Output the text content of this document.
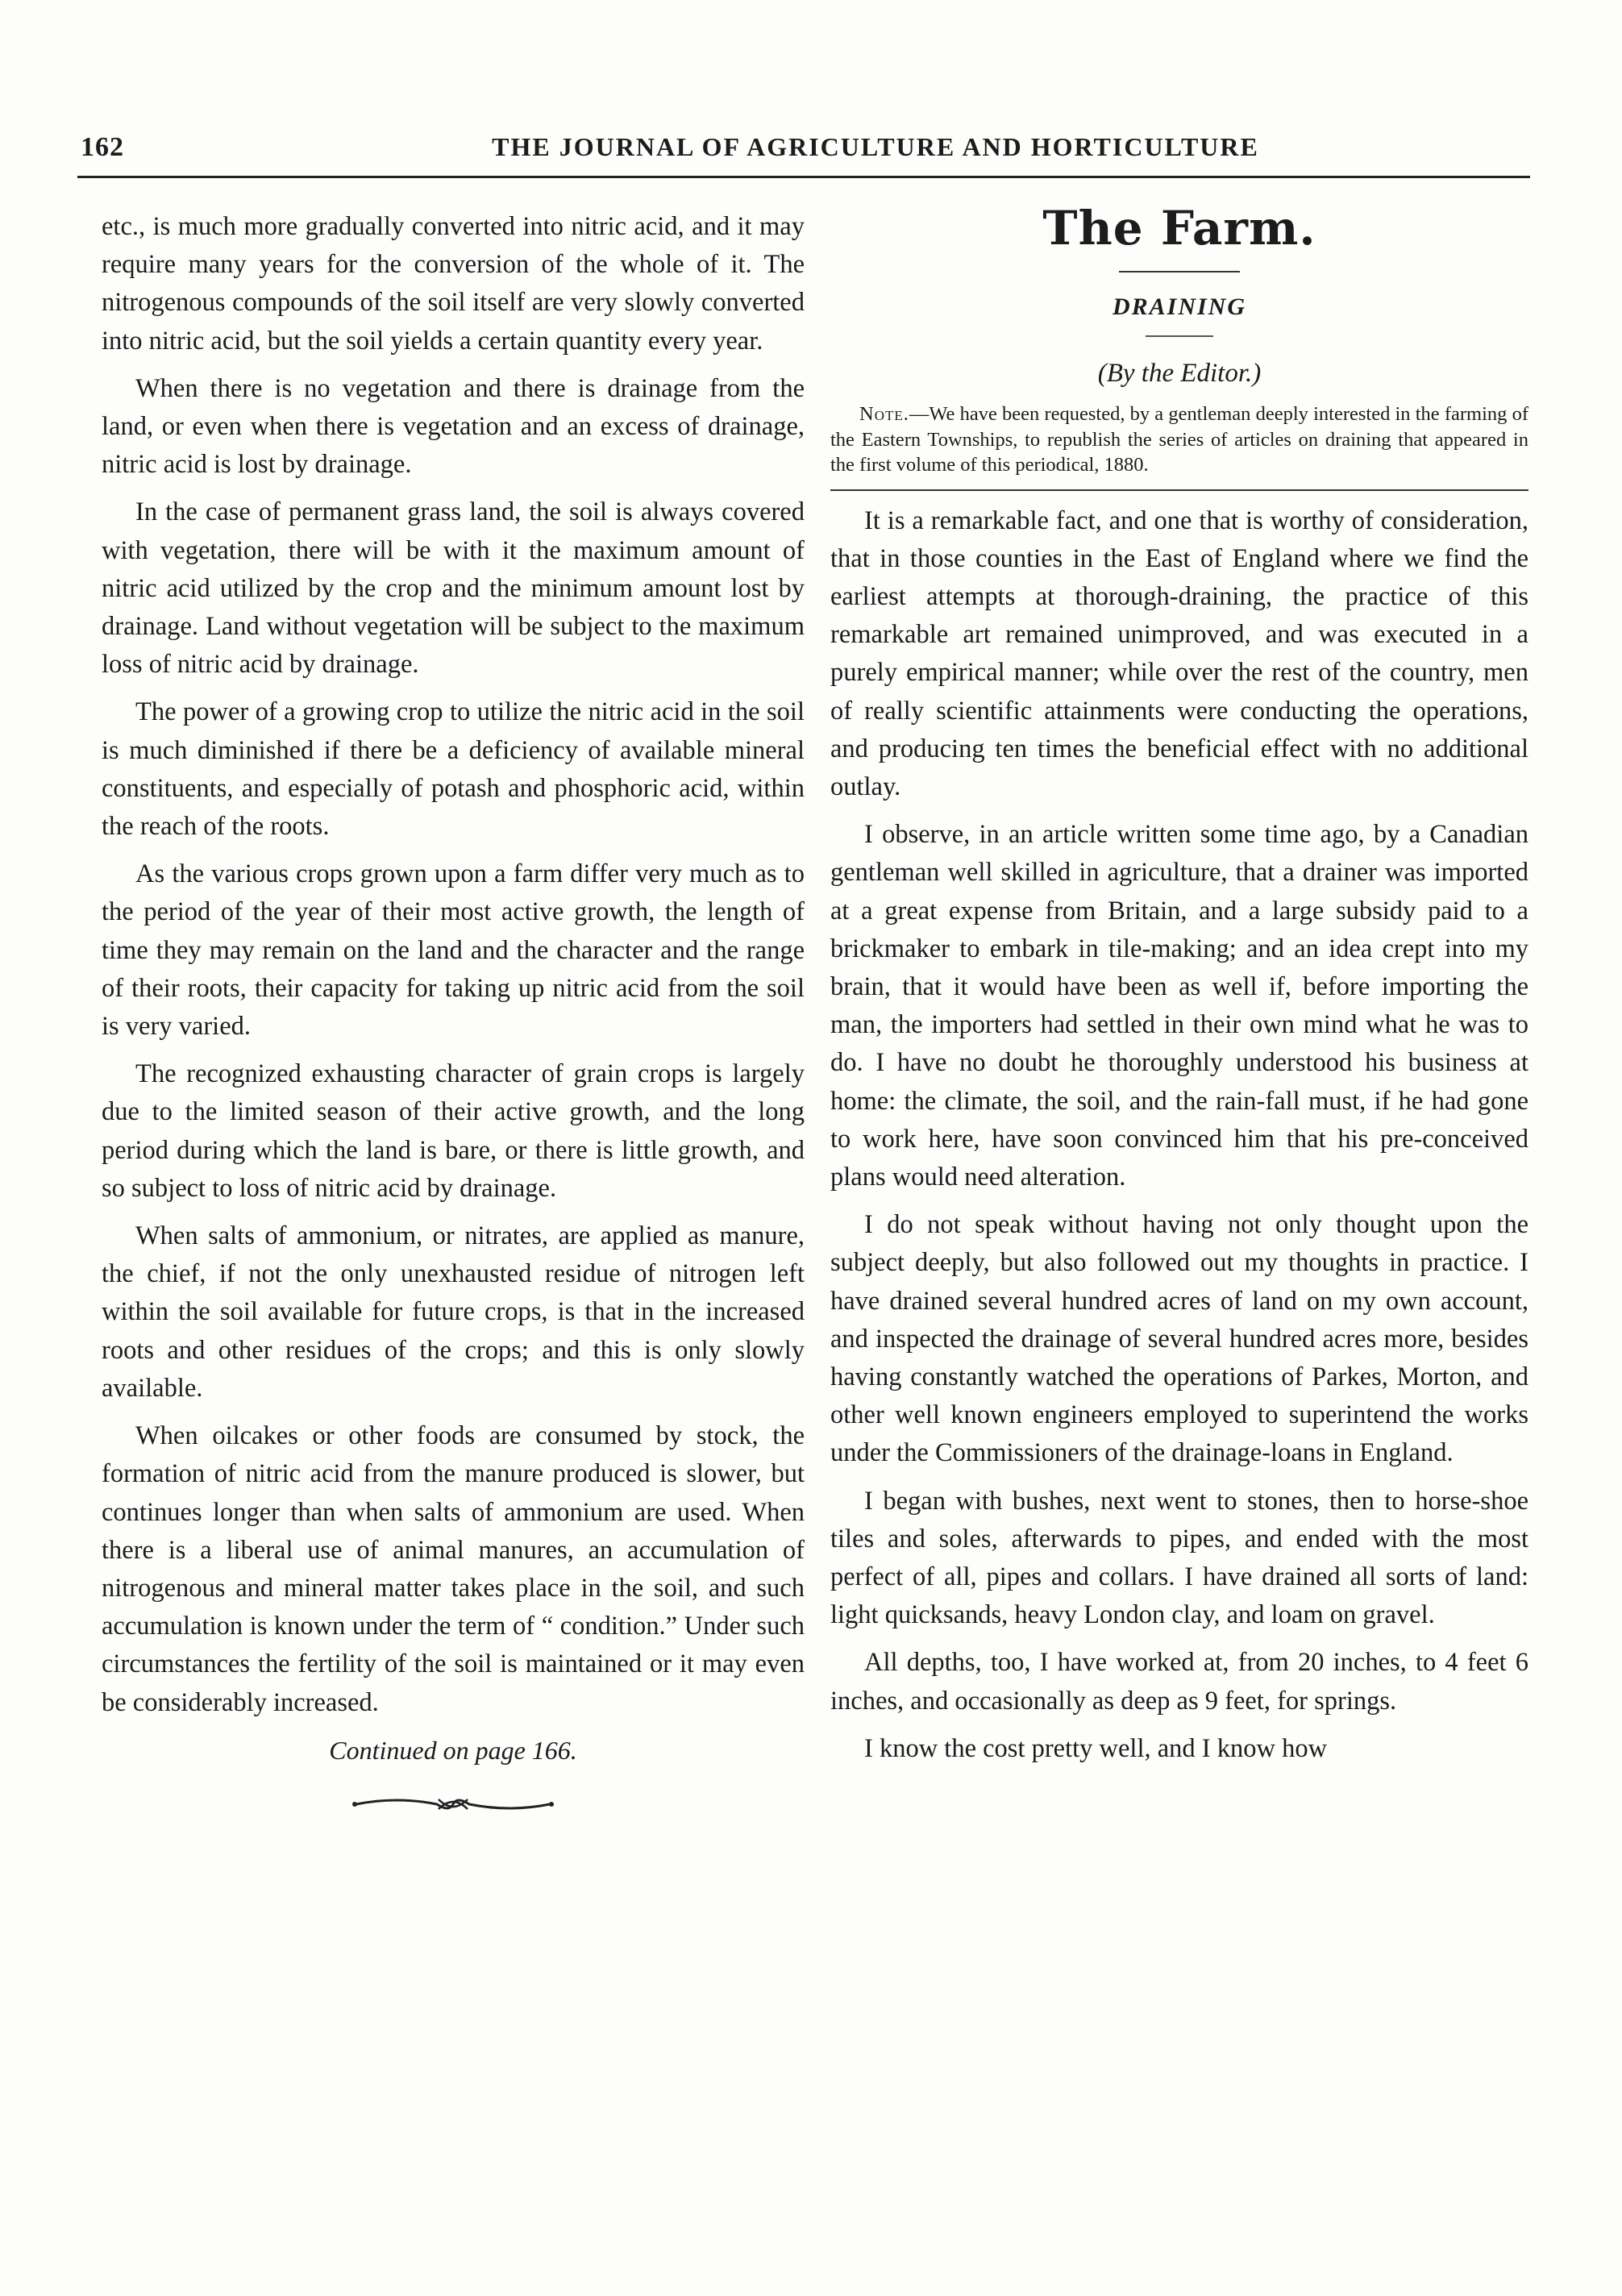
162	THE JOURNAL OF AGRICULTURE AND HORTICULTURE

etc., is much more gradually converted into nitric acid, and it may require many years for the conversion of the whole of it. The nitrogenous compounds of the soil itself are very slowly converted into nitric acid, but the soil yields a certain quantity every year.

When there is no vegetation and there is drainage from the land, or even when there is vegetation and an excess of drainage, nitric acid is lost by drainage.

In the case of permanent grass land, the soil is always covered with vegetation, there will be with it the maximum amount of nitric acid utilized by the crop and the minimum amount lost by drainage. Land without vegetation will be subject to the maximum loss of nitric acid by drainage.

The power of a growing crop to utilize the nitric acid in the soil is much diminished if there be a deficiency of available mineral constituents, and especially of potash and phosphoric acid, within the reach of the roots.

As the various crops grown upon a farm differ very much as to the period of the year of their most active growth, the length of time they may remain on the land and the character and the range of their roots, their capacity for taking up nitric acid from the soil is very varied.

The recognized exhausting character of grain crops is largely due to the limited season of their active growth, and the long period during which the land is bare, or there is little growth, and so subject to loss of nitric acid by drainage.

When salts of ammonium, or nitrates, are applied as manure, the chief, if not the only unexhausted residue of nitrogen left within the soil available for future crops, is that in the increased roots and other residues of the crops; and this is only slowly available.

When oilcakes or other foods are consumed by stock, the formation of nitric acid from the manure produced is slower, but continues longer than when salts of ammonium are used. When there is a liberal use of animal manures, an accumulation of nitrogenous and mineral matter takes place in the soil, and such accumulation is known under the term of “ condition.” Under such circumstances the fertility of the soil is maintained or it may even be considerably increased.

Continued on page 166.
The Farm.
DRAINING
(By the Editor.)

Note.—We have been requested, by a gentleman deeply interested in the farming of the Eastern Townships, to republish the series of articles on draining that appeared in the first volume of this periodical, 1880.

It is a remarkable fact, and one that is worthy of consideration, that in those counties in the East of England where we find the earliest attempts at thorough-draining, the practice of this remarkable art remained unimproved, and was executed in a purely empirical manner; while over the rest of the country, men of really scientific attainments were conducting the operations, and producing ten times the beneficial effect with no additional outlay.

I observe, in an article written some time ago, by a Canadian gentleman well skilled in agriculture, that a drainer was imported at a great expense from Britain, and a large subsidy paid to a brickmaker to embark in tile-making; and an idea crept into my brain, that it would have been as well if, before importing the man, the importers had settled in their own mind what he was to do. I have no doubt he thoroughly understood his business at home: the climate, the soil, and the rain-fall must, if he had gone to work here, have soon convinced him that his pre-conceived plans would need alteration.

I do not speak without having not only thought upon the subject deeply, but also followed out my thoughts in practice. I have drained several hundred acres of land on my own account, and inspected the drainage of several hundred acres more, besides having constantly watched the operations of Parkes, Morton, and other well known engineers employed to superintend the works under the Commissioners of the drainage-loans in England.

I began with bushes, next went to stones, then to horse-shoe tiles and soles, afterwards to pipes, and ended with the most perfect of all, pipes and collars. I have drained all sorts of land: light quicksands, heavy London clay, and loam on gravel.

All depths, too, I have worked at, from 20 inches, to 4 feet 6 inches, and occasionally as deep as 9 feet, for springs.

I know the cost pretty well, and I know how
